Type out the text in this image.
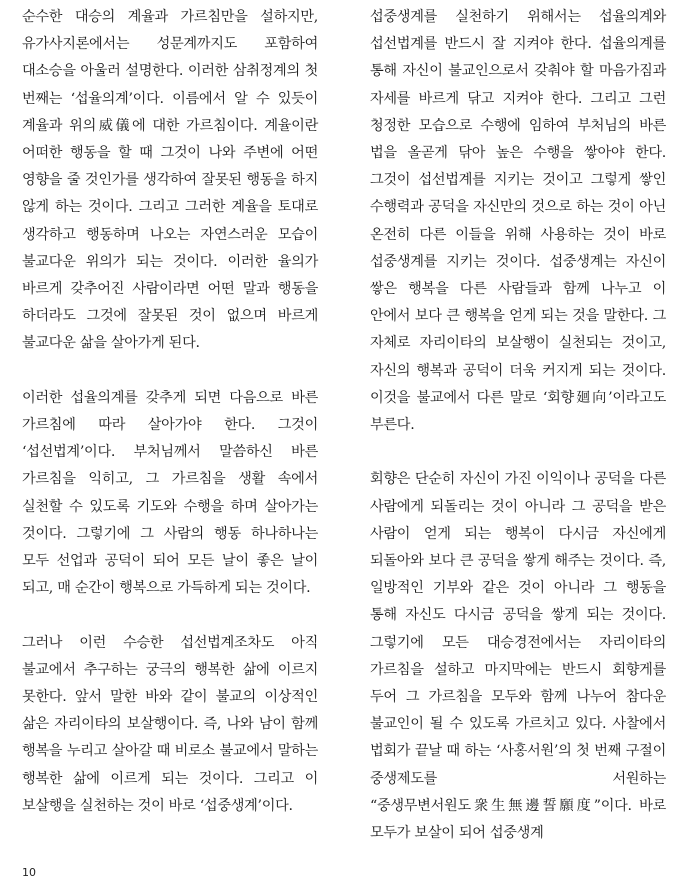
순수한 대승의 계율과 가르침만을 설하지만, 유가사지론에서는 성문계까지도 포함하여 대소승을 아울러 설명한다. 이러한 삼취정계의 첫 번째는 ‘섭율의계’이다. 이름에서 알 수 있듯이 계율과 위의威儀에 대한 가르침이다. 계율이란 어떠한 행동을 할 때 그것이 나와 주변에 어떤 영향을 줄 것인가를 생각하여 잘못된 행동을 하지 않게 하는 것이다. 그리고 그러한 계율을 토대로 생각하고 행동하며 나오는 자연스러운 모습이 불교다운 위의가 되는 것이다. 이러한 율의가 바르게 갖추어진 사람이라면 어떤 말과 행동을 하더라도 그것에 잘못된 것이 없으며 바르게 불교다운 삶을 살아가게 된다.

이러한 섭율의계를 갖추게 되면 다음으로 바른 가르침에 따라 살아가야 한다. 그것이 ‘섭선법계’이다. 부처님께서 말씀하신 바른 가르침을 익히고, 그 가르침을 생활 속에서 실천할 수 있도록 기도와 수행을 하며 살아가는 것이다. 그렇기에 그 사람의 행동 하나하나는 모두 선업과 공덕이 되어 모든 날이 좋은 날이 되고, 매 순간이 행복으로 가득하게 되는 것이다.

그러나 이런 수승한 섭선법계조차도 아직 불교에서 추구하는 궁극의 행복한 삶에 이르지 못한다. 앞서 말한 바와 같이 불교의 이상적인 삶은 자리이타의 보살행이다. 즉, 나와 남이 함께 행복을 누리고 살아갈 때 비로소 불교에서 말하는 행복한 삶에 이르게 되는 것이다. 그리고 이 보살행을 실천하는 것이 바로 ‘섭중생계’이다.

섭중생계를 실천하기 위해서는 섭율의계와 섭선법계를 반드시 잘 지켜야 한다. 섭율의계를 통해 자신이 불교인으로서 갖춰야 할 마음가짐과 자세를 바르게 닦고 지켜야 한다. 그리고 그런 청정한 모습으로 수행에 임하여 부처님의 바른 법을 올곧게 닦아 높은 수행을 쌓아야 한다. 그것이 섭선법계를 지키는 것이고 그렇게 쌓인 수행력과 공덕을 자신만의 것으로 하는 것이 아닌 온전히 다른 이들을 위해 사용하는 것이 바로 섭중생계를 지키는 것이다. 섭중생계는 자신이 쌓은 행복을 다른 사람들과 함께 나누고 이 안에서 보다 큰 행복을 얻게 되는 것을 말한다. 그 자체로 자리이타의 보살행이 실천되는 것이고, 자신의 행복과 공덕이 더욱 커지게 되는 것이다. 이것을 불교에서 다른 말로 ‘회향廻向’이라고도 부른다.

회향은 단순히 자신이 가진 이익이나 공덕을 다른 사람에게 되돌리는 것이 아니라 그 공덕을 받은 사람이 얻게 되는 행복이 다시금 자신에게 되돌아와 보다 큰 공덕을 쌓게 해주는 것이다. 즉, 일방적인 기부와 같은 것이 아니라 그 행동을 통해 자신도 다시금 공덕을 쌓게 되는 것이다. 그렇기에 모든 대승경전에서는 자리이타의 가르침을 설하고 마지막에는 반드시 회향게를 두어 그 가르침을 모두와 함께 나누어 참다운 불교인이 될 수 있도록 가르치고 있다. 사찰에서 법회가 끝날 때 하는 ‘사홍서원’의 첫 번째 구절이 중생제도를 서원하는 “중생무변서원도衆生無邊誓願度”이다. 바로 모두가 보살이 되어 섭중생계

10
